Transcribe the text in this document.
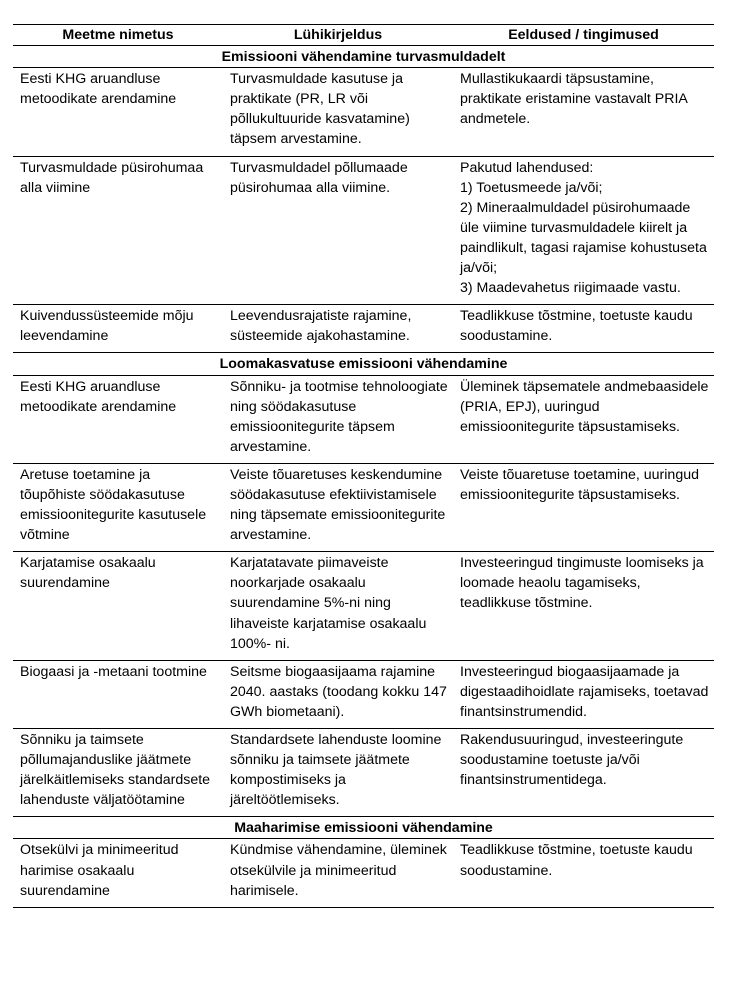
Meetme nimetus	Lühikirjeldus	Eeldused / tingimused
Emissiooni vähendamine turvasmuldadelt		
Eesti KHG aruandluse metoodikate arendamine	Turvasmuldade kasutuse ja praktikate (PR, LR või põllukultuuride kasvatamine) täpsem arvestamine.	Mullastikukaardi täpsustamine, praktikate eristamine vastavalt PRIA andmetele.
Turvasmuldade püsirohumaa alla viimine	Turvasmuldadel põllumaade püsirohumaa alla viimine.	Pakutud lahendused:
1) Toetusmeede ja/või;
2) Mineraalmuldadel püsirohumaade üle viimine turvasmuldadele kiirelt ja paindlikult, tagasi rajamise kohustuseta ja/või;
3) Maadevahetus riigimaade vastu.
Kuivendussüsteemide mõju leevendamine	Leevendusrajatiste rajamine, süsteemide ajakohastamine.	Teadlikkuse tõstmine, toetuste kaudu soodustamine.
Loomakasvatuse emissiooni vähendamine		
Eesti KHG aruandluse metoodikate arendamine	Sõnniku- ja tootmise tehnoloogiate ning söödakasutuse emissioonitegurite täpsem arvestamine.	Üleminek täpsematele andmebaasidele (PRIA, EPJ), uuringud emissioonitegurite täpsustamiseks.
Aretuse toetamine ja tõupõhiste söödakasutuse emissioonitegurite kasutusele võtmine	Veiste tõuaretuses keskendumine söödakasutuse efektiivistamisele ning täpsemate emissioonitegurite arvestamine.	Veiste tõuaretuse toetamine, uuringud emissioonitegurite täpsustamiseks.
Karjatamise osakaalu suurendamine	Karjatatavate piimaveiste noorkarjade osakaalu suurendamine 5%-ni ning lihaveiste karjatamise osakaalu 100%- ni.	Investeeringud tingimuste loomiseks ja loomade heaolu tagamiseks, teadlikkuse tõstmine.
Biogaasi ja -metaani tootmine	Seitsme biogaasijaama rajamine 2040. aastaks (toodang kokku 147 GWh biometaani).	Investeeringud biogaasijaamade ja digestaadihoidlate rajamiseks, toetavad finantsinstrumendid.
Sõnniku ja taimsete põllumajanduslike jäätmete järelkäitlemiseks standardsete lahenduste väljatöötamine	Standardsete lahenduste loomine sõnniku ja taimsete jäätmete kompostimiseks ja järeltöötlemiseks.	Rakendusuuringud, investeeringute soodustamine toetuste ja/või finantsinstrumentidega.
Maaharimise emissiooni vähendamine		
Otsekülvi ja minimeeritud harimise osakaalu suurendamine	Kündmise vähendamine, üleminek otsekülvile ja minimeeritud harimisele.	Teadlikkuse tõstmine, toetuste kaudu soodustamine.
